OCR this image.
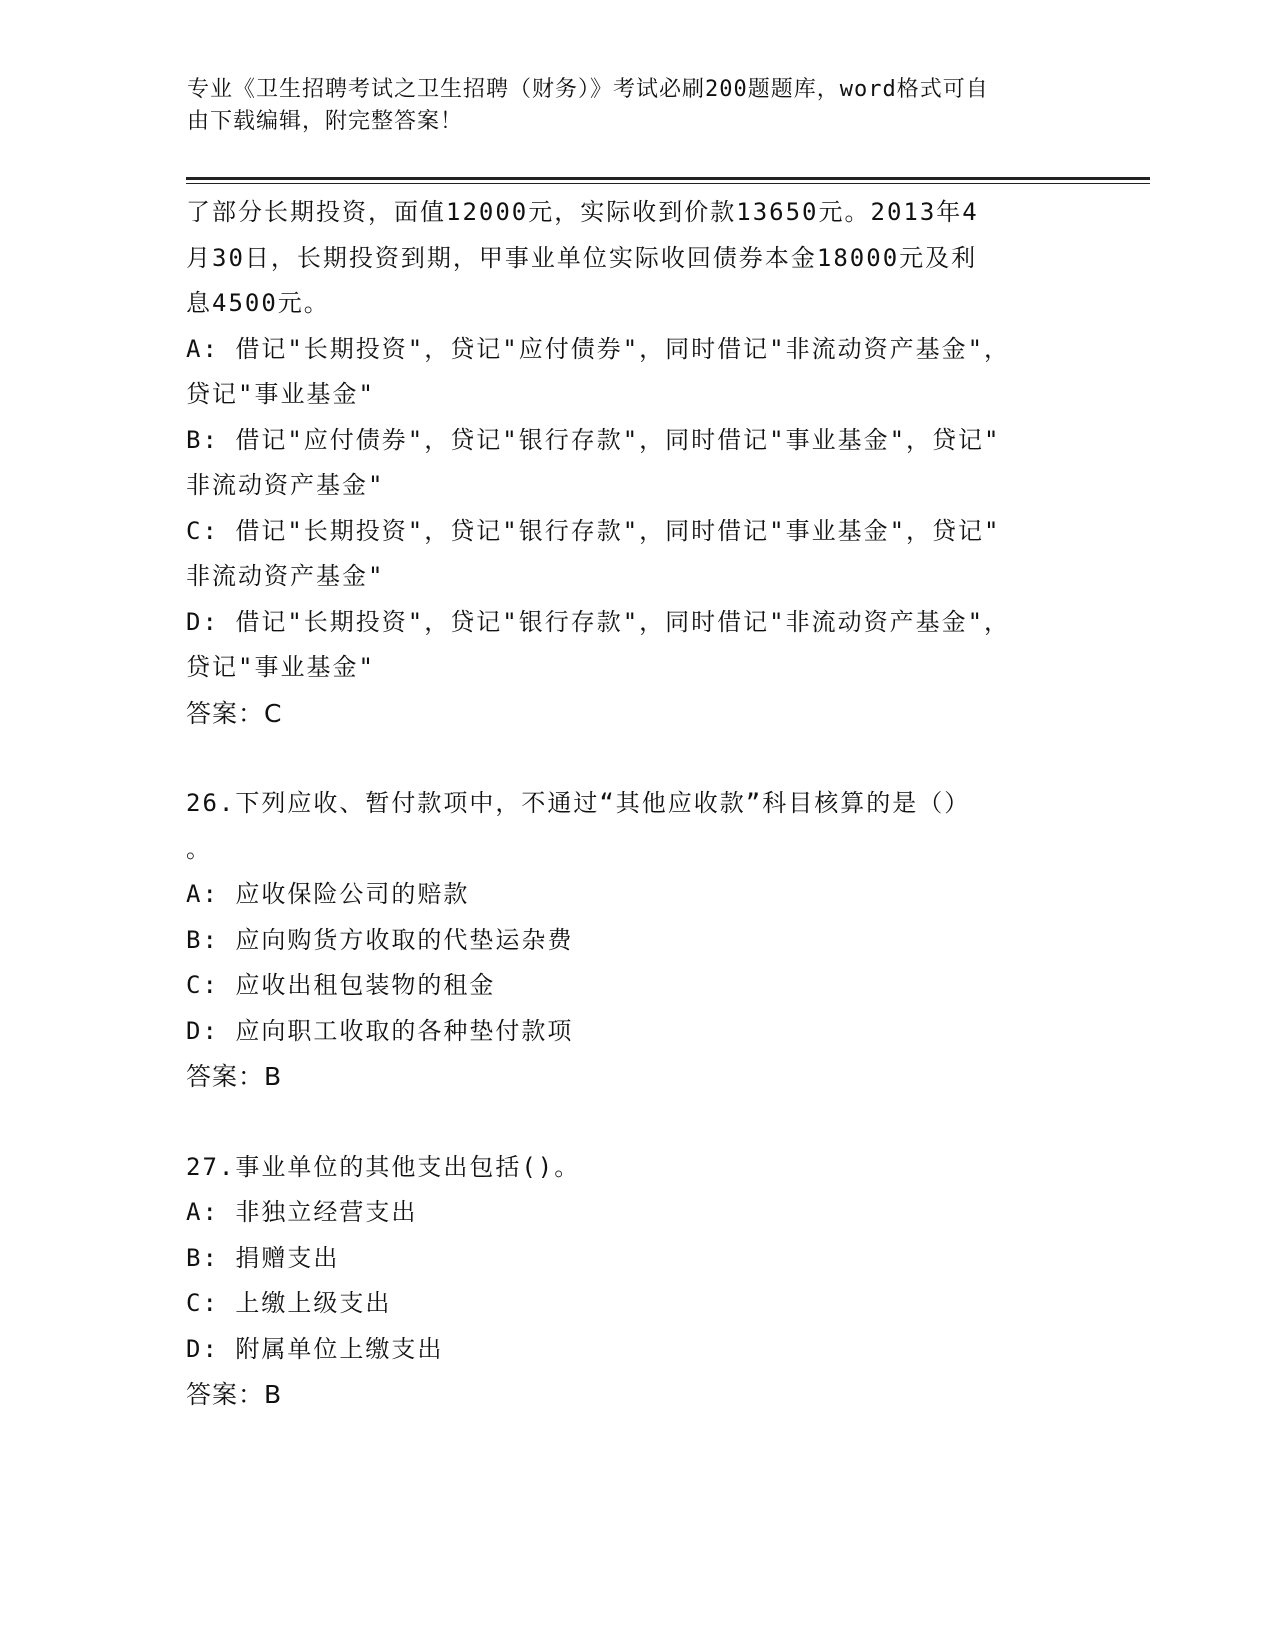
专业《卫生招聘考试之卫生招聘（财务）》考试必刷200题题库，word格式可自
由下载编辑，附完整答案！
了部分长期投资，面值12000元，实际收到价款13650元。2013年4
月30日，长期投资到期，甲事业单位实际收回债券本金18000元及利
息4500元。
A: 借记"长期投资"，贷记"应付债券"，同时借记"非流动资产基金"，
贷记"事业基金"
B: 借记"应付债券"，贷记"银行存款"，同时借记"事业基金"，贷记"
非流动资产基金"
C: 借记"长期投资"，贷记"银行存款"，同时借记"事业基金"，贷记"
非流动资产基金"
D: 借记"长期投资"，贷记"银行存款"，同时借记"非流动资产基金"，
贷记"事业基金"
答案：C
26.下列应收、暂付款项中，不通过“其他应收款”科目核算的是（）
。
A: 应收保险公司的赔款
B: 应向购货方收取的代垫运杂费
C: 应收出租包装物的租金
D: 应向职工收取的各种垫付款项
答案：B
27.事业单位的其他支出包括()。
A: 非独立经营支出
B: 捐赠支出
C: 上缴上级支出
D: 附属单位上缴支出
答案：B
